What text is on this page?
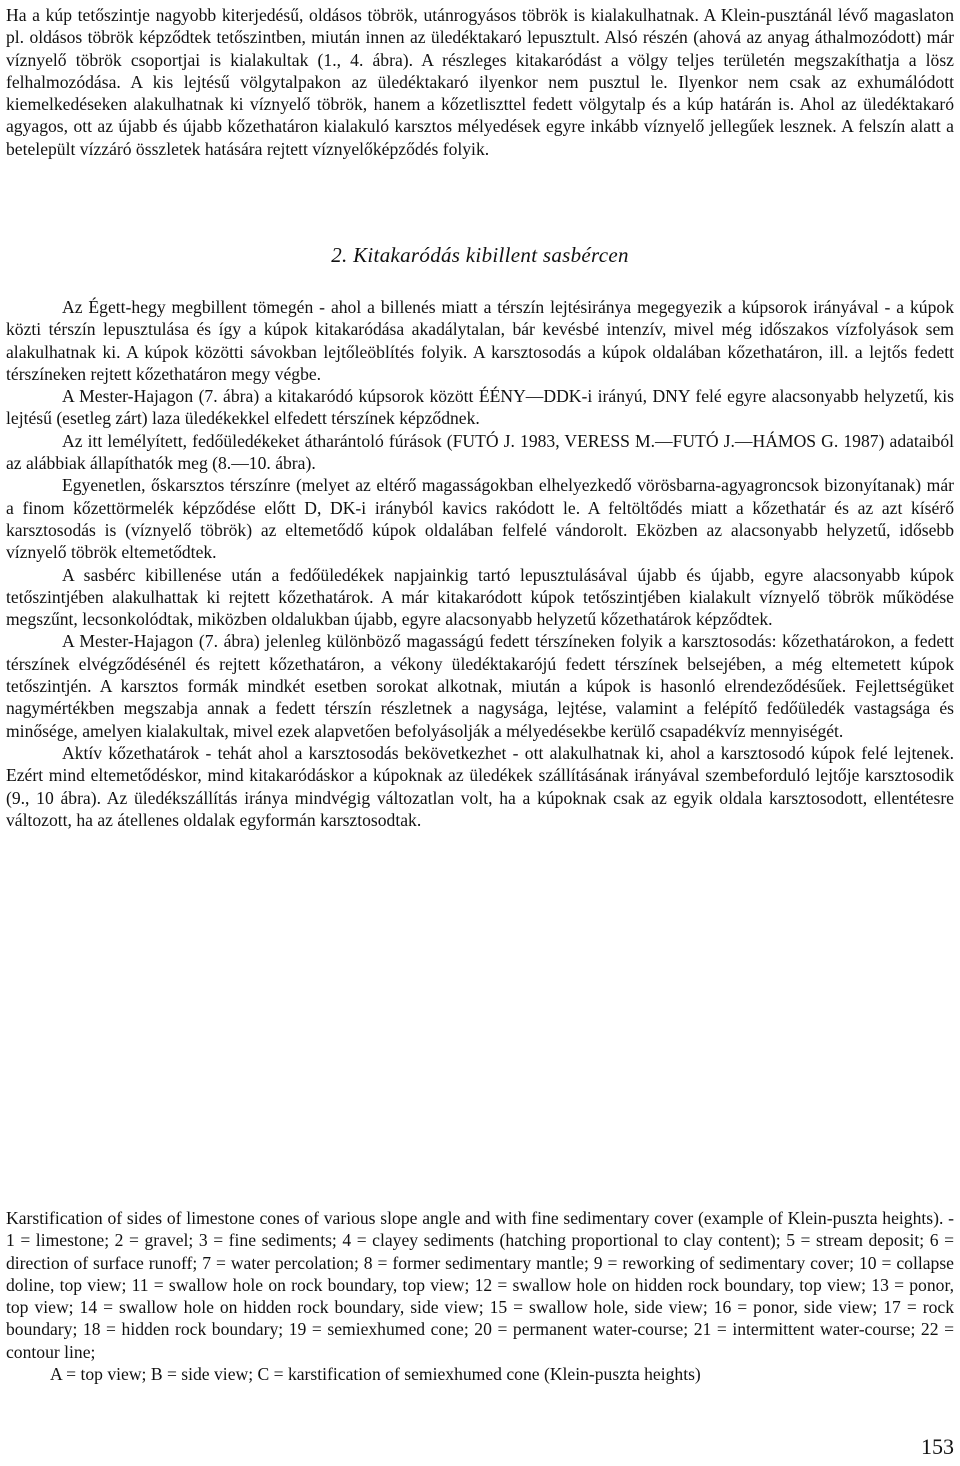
Ha a kúp tetőszintje nagyobb kiterjedésű, oldásos töbrök, utánrogyásos töbrök is kialakulhatnak. A Klein-pusztánál lévő magaslaton pl. oldásos töbrök képződtek tetőszintben, miután innen az üledéktakaró lepusztult. Alsó részén (ahová az anyag áthalmozódott) már víznyelő töbrök csoportjai is kialakultak (1., 4. ábra). A részleges kitakaródást a völgy teljes területén megszakíthatja a lösz felhalmozódása. A kis lejtésű völgytalpakon az üledéktakaró ilyenkor nem pusztul le. Ilyenkor nem csak az exhumálódott kiemelkedéseken alakulhatnak ki víznyelő töbrök, hanem a kőzetliszttel fedett völgytalp és a kúp határán is. Ahol az üledéktakaró agyagos, ott az újabb és újabb kőzethatáron kialakuló karsztos mélyedések egyre inkább víznyelő jellegűek lesznek. A felszín alatt a betelepült vízzáró összletek hatására rejtett víznyelőképződés folyik.

2. Kitakaródás kibillent sasbércen

Az Égett-hegy megbillent tömegén - ahol a billenés miatt a térszín lejtésiránya megegyezik a kúpsorok irányával - a kúpok közti térszín lepusztulása és így a kúpok kitakaródása akadálytalan, bár kevésbé intenzív, mivel még időszakos vízfolyások sem alakulhatnak ki. A kúpok közötti sávokban lejtőleöblítés folyik. A karsztosodás a kúpok oldalában kőzethatáron, ill. a lejtős fedett térszíneken rejtett kőzethatáron megy végbe.

A Mester-Hajagon (7. ábra) a kitakaródó kúpsorok között ÉÉNY—DDK-i irányú, DNY felé egyre alacsonyabb helyzetű, kis lejtésű (esetleg zárt) laza üledékekkel elfedett térszínek képződnek.

Az itt lemélyített, fedőüledékeket átharántoló fúrások (FUTÓ J. 1983, VERESS M.—FUTÓ J.—HÁMOS G. 1987) adataiból az alábbiak állapíthatók meg (8.—10. ábra).

Egyenetlen, őskarsztos térszínre (melyet az eltérő magasságokban elhelyezkedő vörösbarna-agyagroncsok bizonyítanak) már a finom kőzettörmelék képződése előtt D, DK-i irányból kavics rakódott le. A feltöltődés miatt a kőzethatár és az azt kísérő karsztosodás is (víznyelő töbrök) az eltemetődő kúpok oldalában felfelé vándorolt. Eközben az alacsonyabb helyzetű, idősebb víznyelő töbrök eltemetődtek.

A sasbérc kibillenése után a fedőüledékek napjainkig tartó lepusztulásával újabb és újabb, egyre alacsonyabb kúpok tetőszintjében alakulhattak ki rejtett kőzethatárok. A már kitakaródott kúpok tetőszintjében kialakult víznyelő töbrök működése megszűnt, lecsonkolódtak, miközben oldalukban újabb, egyre alacsonyabb helyzetű kőzethatárok képződtek.

A Mester-Hajagon (7. ábra) jelenleg különböző magasságú fedett térszíneken folyik a karsztosodás: kőzethatárokon, a fedett térszínek elvégződésénél és rejtett kőzethatáron, a vékony üledéktakarójú fedett térszínek belsejében, a még eltemetett kúpok tetőszintjén. A karsztos formák mindkét esetben sorokat alkotnak, miután a kúpok is hasonló elrendeződésűek. Fejlettségüket nagymértékben megszabja annak a fedett térszín részletnek a nagysága, lejtése, valamint a felépítő fedőüledék vastagsága és minősége, amelyen kialakultak, mivel ezek alapvetően befolyásolják a mélyedésekbe kerülő csapadékvíz mennyiségét.

Aktív kőzethatárok - tehát ahol a karsztosodás bekövetkezhet - ott alakulhatnak ki, ahol a karsztosodó kúpok felé lejtenek. Ezért mind eltemetődéskor, mind kitakaródáskor a kúpoknak az üledékek szállításának irányával szembeforduló lejtője karsztosodik (9., 10 ábra). Az üledékszállítás iránya mindvégig változatlan volt, ha a kúpoknak csak az egyik oldala karsztosodott, ellentétesre változott, ha az átellenes oldalak egyformán karsztosodtak.

Karstification of sides of limestone cones of various slope angle and with fine sedimentary cover (example of Klein-puszta heights). - 1 = limestone; 2 = gravel; 3 = fine sediments; 4 = clayey sediments (hatching proportional to clay content); 5 = stream deposit; 6 = direction of surface runoff; 7 = water percolation; 8 = former sedimentary mantle; 9 = reworking of sedimentary cover; 10 = collapse doline, top view; 11 = swallow hole on rock boundary, top view; 12 = swallow hole on hidden rock boundary, top view; 13 = ponor, top view; 14 = swallow hole on hidden rock boundary, side view; 15 = swallow hole, side view; 16 = ponor, side view; 17 = rock boundary; 18 = hidden rock boundary; 19 = semiexhumed cone; 20 = permanent water-course; 21 = intermittent water-course; 22 = contour line;

A = top view; B = side view; C = karstification of semiexhumed cone (Klein-puszta heights)

153
